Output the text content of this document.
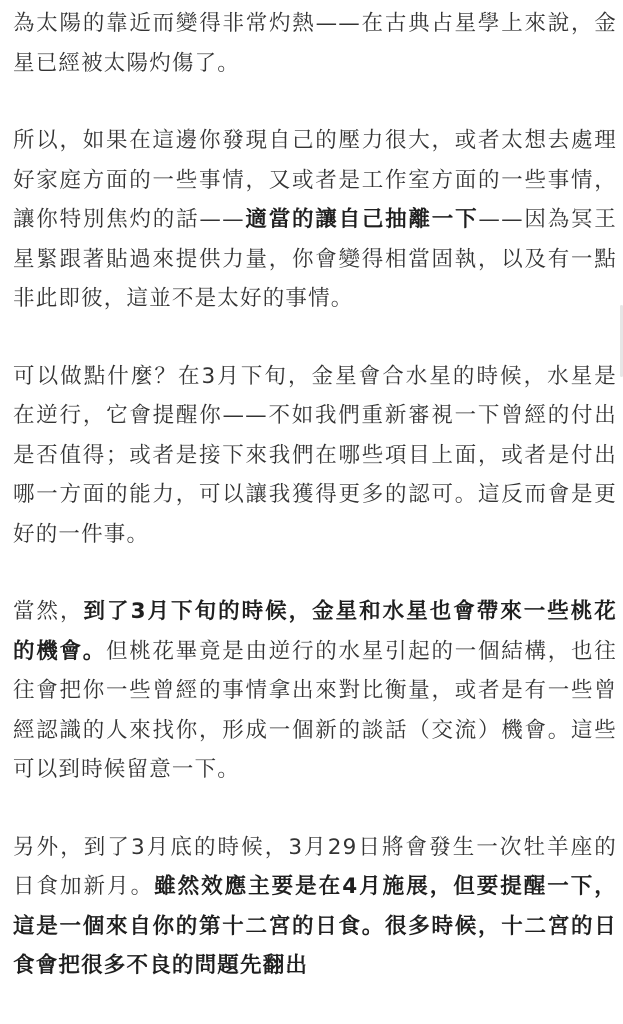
為太陽的靠近而變得非常灼熱——在古典占星學上來說，金星已經被太陽灼傷了。

所以，如果在這邊你發現自己的壓力很大，或者太想去處理好家庭方面的一些事情，又或者是工作室方面的一些事情，讓你特別焦灼的話——適當的讓自己抽離一下——因為冥王星緊跟著貼過來提供力量，你會變得相當固執，以及有一點非此即彼，這並不是太好的事情。

可以做點什麼？在3月下旬，金星會合水星的時候，水星是在逆行，它會提醒你——不如我們重新審視一下曾經的付出是否值得；或者是接下來我們在哪些項目上面，或者是付出哪一方面的能力，可以讓我獲得更多的認可。這反而會是更好的一件事。

當然，到了3月下旬的時候，金星和水星也會帶來一些桃花的機會。但桃花畢竟是由逆行的水星引起的一個結構，也往往會把你一些曾經的事情拿出來對比衡量，或者是有一些曾經認識的人來找你，形成一個新的談話（交流）機會。這些可以到時候留意一下。

另外，到了3月底的時候，3月29日將會發生一次牡羊座的日食加新月。雖然效應主要是在4月施展，但要提醒一下，這是一個來自你的第十二宮的日食。很多時候，十二宮的日食會把很多不良的問題先翻出
